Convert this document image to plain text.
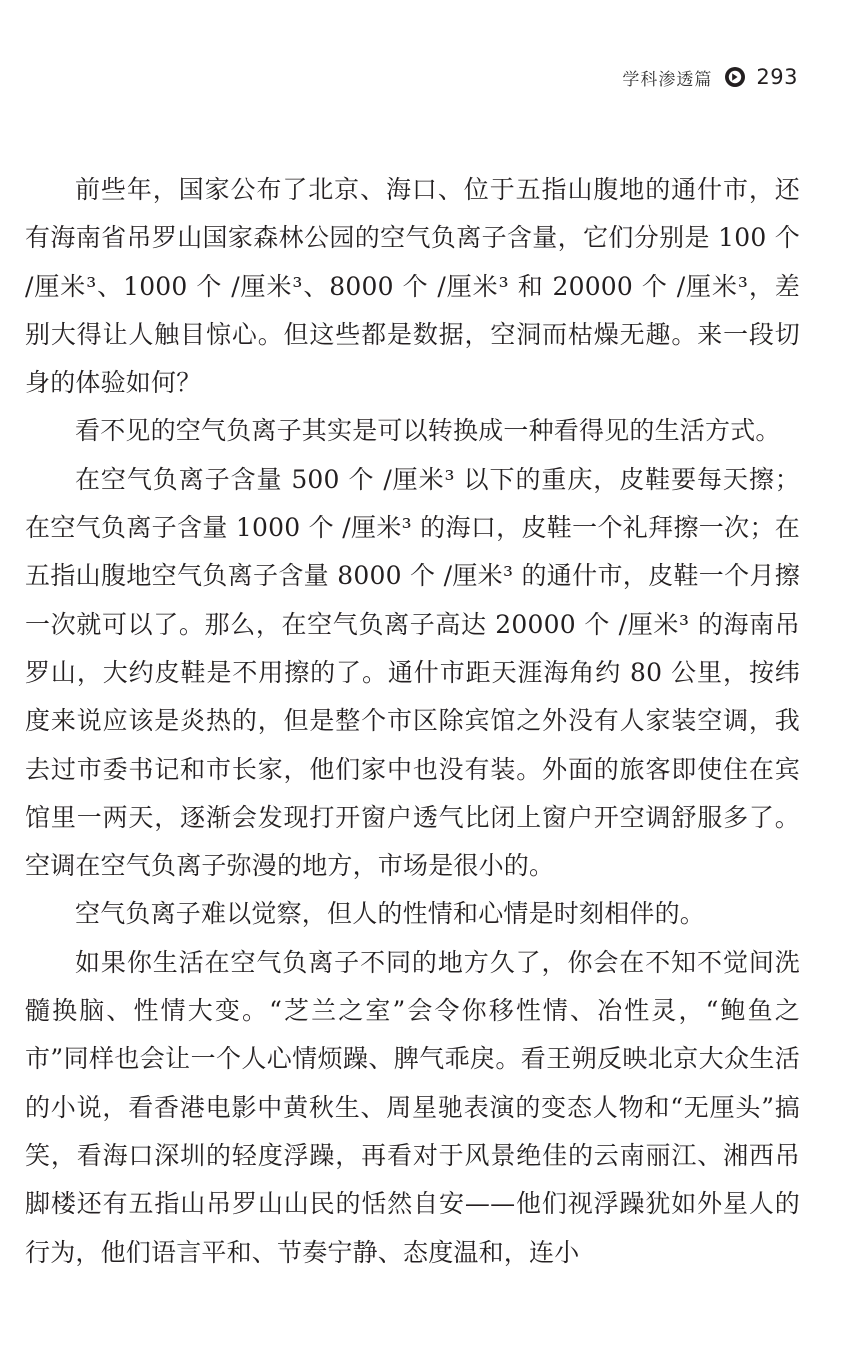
学科渗透篇 293

前些年，国家公布了北京、海口、位于五指山腹地的通什市，还有海南省吊罗山国家森林公园的空气负离子含量，它们分别是 100 个 /厘米³、1000 个 /厘米³、8000 个 /厘米³ 和 20000 个 /厘米³，差别大得让人触目惊心。但这些都是数据，空洞而枯燥无趣。来一段切身的体验如何？

看不见的空气负离子其实是可以转换成一种看得见的生活方式。

在空气负离子含量 500 个 /厘米³ 以下的重庆，皮鞋要每天擦；在空气负离子含量 1000 个 /厘米³ 的海口，皮鞋一个礼拜擦一次；在五指山腹地空气负离子含量 8000 个 /厘米³ 的通什市，皮鞋一个月擦一次就可以了。那么，在空气负离子高达 20000 个 /厘米³ 的海南吊罗山，大约皮鞋是不用擦的了。通什市距天涯海角约 80 公里，按纬度来说应该是炎热的，但是整个市区除宾馆之外没有人家装空调，我去过市委书记和市长家，他们家中也没有装。外面的旅客即使住在宾馆里一两天，逐渐会发现打开窗户透气比闭上窗户开空调舒服多了。空调在空气负离子弥漫的地方，市场是很小的。

空气负离子难以觉察，但人的性情和心情是时刻相伴的。

如果你生活在空气负离子不同的地方久了，你会在不知不觉间洗髓换脑、性情大变。“芝兰之室”会令你移性情、冶性灵，“鲍鱼之市”同样也会让一个人心情烦躁、脾气乖戾。看王朔反映北京大众生活的小说，看香港电影中黄秋生、周星驰表演的变态人物和“无厘头”搞笑，看海口深圳的轻度浮躁，再看对于风景绝佳的云南丽江、湘西吊脚楼还有五指山吊罗山山民的恬然自安——他们视浮躁犹如外星人的行为，他们语言平和、节奏宁静、态度温和，连小
